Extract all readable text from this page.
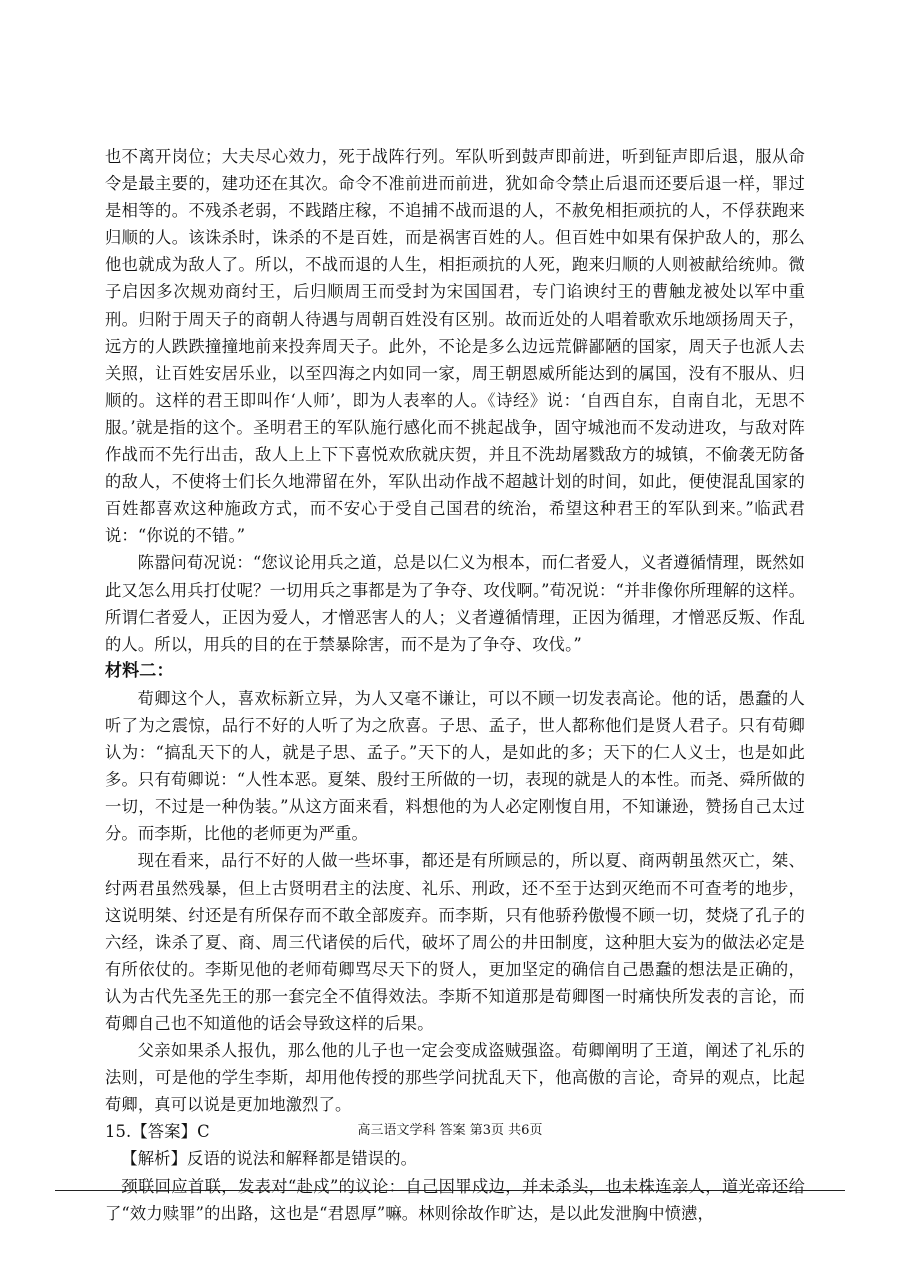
也不离开岗位；大夫尽心效力，死于战阵行列。军队听到鼓声即前进，听到钲声即后退，服从命令是最主要的，建功还在其次。命令不准前进而前进，犹如命令禁止后退而还要后退一样，罪过是相等的。不残杀老弱，不践踏庄稼，不追捕不战而退的人，不赦免相拒顽抗的人，不俘获跑来归顺的人。该诛杀时，诛杀的不是百姓，而是祸害百姓的人。但百姓中如果有保护敌人的，那么他也就成为敌人了。所以，不战而退的人生，相拒顽抗的人死，跑来归顺的人则被献给统帅。微子启因多次规劝商纣王，后归顺周王而受封为宋国国君，专门谄谀纣王的曹触龙被处以军中重刑。归附于周天子的商朝人待遇与周朝百姓没有区别。故而近处的人唱着歌欢乐地颂扬周天子，远方的人跌跌撞撞地前来投奔周天子。此外，不论是多么边远荒僻鄙陋的国家，周天子也派人去关照，让百姓安居乐业，以至四海之内如同一家，周王朝恩威所能达到的属国，没有不服从、归顺的。这样的君王即叫作‘人师’，即为人表率的人。《诗经》说：‘自西自东，自南自北，无思不服。’就是指的这个。圣明君王的军队施行感化而不挑起战争，固守城池而不发动进攻，与敌对阵作战而不先行出击，敌人上上下下喜悦欢欣就庆贺，并且不洗劫屠戮敌方的城镇，不偷袭无防备的敌人，不使将士们长久地滞留在外，军队出动作战不超越计划的时间，如此，便使混乱国家的百姓都喜欢这种施政方式，而不安心于受自己国君的统治，希望这种君王的军队到来。”临武君说：“你说的不错。”

陈嚣问荀况说：“您议论用兵之道，总是以仁义为根本，而仁者爱人，义者遵循情理，既然如此又怎么用兵打仗呢？一切用兵之事都是为了争夺、攻伐啊。”荀况说：“并非像你所理解的这样。所谓仁者爱人，正因为爱人，才憎恶害人的人；义者遵循情理，正因为循理，才憎恶反叛、作乱的人。所以，用兵的目的在于禁暴除害，而不是为了争夺、攻伐。”

材料二：

荀卿这个人，喜欢标新立异，为人又毫不谦让，可以不顾一切发表高论。他的话，愚蠢的人听了为之震惊，品行不好的人听了为之欣喜。子思、孟子，世人都称他们是贤人君子。只有荀卿认为：“搞乱天下的人，就是子思、孟子。”天下的人，是如此的多；天下的仁人义士，也是如此多。只有荀卿说：“人性本恶。夏桀、殷纣王所做的一切，表现的就是人的本性。而尧、舜所做的一切，不过是一种伪装。”从这方面来看，料想他的为人必定刚愎自用，不知谦逊，赞扬自己太过分。而李斯，比他的老师更为严重。

现在看来，品行不好的人做一些坏事，都还是有所顾忌的，所以夏、商两朝虽然灭亡，桀、纣两君虽然残暴，但上古贤明君主的法度、礼乐、刑政，还不至于达到灭绝而不可查考的地步，这说明桀、纣还是有所保存而不敢全部废弃。而李斯，只有他骄矜傲慢不顾一切，焚烧了孔子的六经，诛杀了夏、商、周三代诸侯的后代，破坏了周公的井田制度，这种胆大妄为的做法必定是有所依仗的。李斯见他的老师荀卿骂尽天下的贤人，更加坚定的确信自己愚蠢的想法是正确的，认为古代先圣先王的那一套完全不值得效法。李斯不知道那是荀卿图一时痛快所发表的言论，而荀卿自己也不知道他的话会导致这样的后果。

父亲如果杀人报仇，那么他的儿子也一定会变成盗贼强盗。荀卿阐明了王道，阐述了礼乐的法则，可是他的学生李斯，却用他传授的那些学问扰乱天下，他高傲的言论，奇异的观点，比起荀卿，真可以说是更加地激烈了。

15.【答案】C

【解析】反语的说法和解释都是错误的。

颈联回应首联，发表对“赴戍”的议论：自己因罪戍边，并未杀头，也未株连亲人，道光帝还给了“效力赎罪”的出路，这也是“君恩厚”嘛。林则徐故作旷达，是以此发泄胸中愤懑，

高三语文学科 答案 第3页 共6页
